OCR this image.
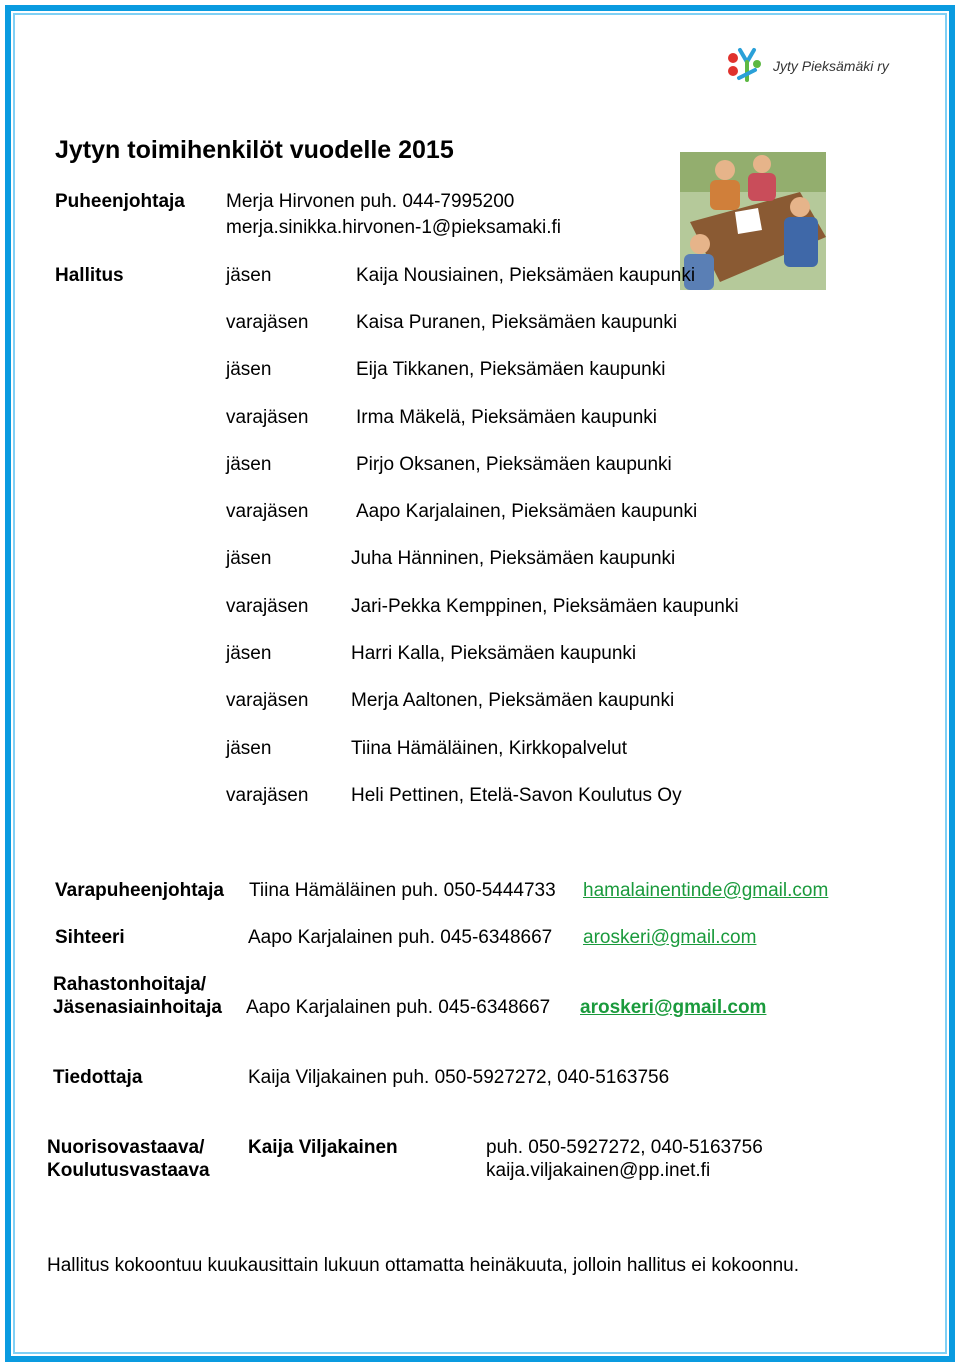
Jyty Pieksämäki ry
Jytyn toimihenkilöt vuodelle 2015
Puheenjohtaja Merja Hirvonen puh. 044-7995200
merja.sinikka.hirvonen-1@pieksamaki.fi
Hallitus	jäsen	Kaija Nousiainen, Pieksämäen kaupunki
varajäsen	Kaisa Puranen, Pieksämäen kaupunki
jäsen	Eija Tikkanen, Pieksämäen kaupunki
varajäsen	Irma Mäkelä, Pieksämäen kaupunki
jäsen	Pirjo Oksanen, Pieksämäen kaupunki
varajäsen	Aapo Karjalainen, Pieksämäen kaupunki
jäsen	Juha Hänninen, Pieksämäen kaupunki
varajäsen Jari-Pekka Kemppinen, Pieksämäen kaupunki
jäsen	Harri Kalla, Pieksämäen kaupunki
varajäsen Merja Aaltonen, Pieksämäen kaupunki
jäsen	Tiina Hämäläinen, Kirkkopalvelut
varajäsen Heli Pettinen, Etelä-Savon Koulutus Oy
Varapuheenjohtaja Tiina Hämäläinen puh. 050-5444733 hamalainentinde@gmail.com
Sihteeri	Aapo Karjalainen puh. 045-6348667 aroskeri@gmail.com
Rahastonhoitaja/
Jäsenasiainhoitaja Aapo Karjalainen puh. 045-6348667 aroskeri@gmail.com
Tiedottaja	Kaija Viljakainen puh. 050-5927272, 040-5163756
Nuorisovastaava/
Koulutusvastaava
Kaija Viljakainen	puh. 050-5927272, 040-5163756
kaija.viljakainen@pp.inet.fi
Hallitus kokoontuu kuukausittain lukuun ottamatta heinäkuuta, jolloin hallitus ei kokoonnu.
